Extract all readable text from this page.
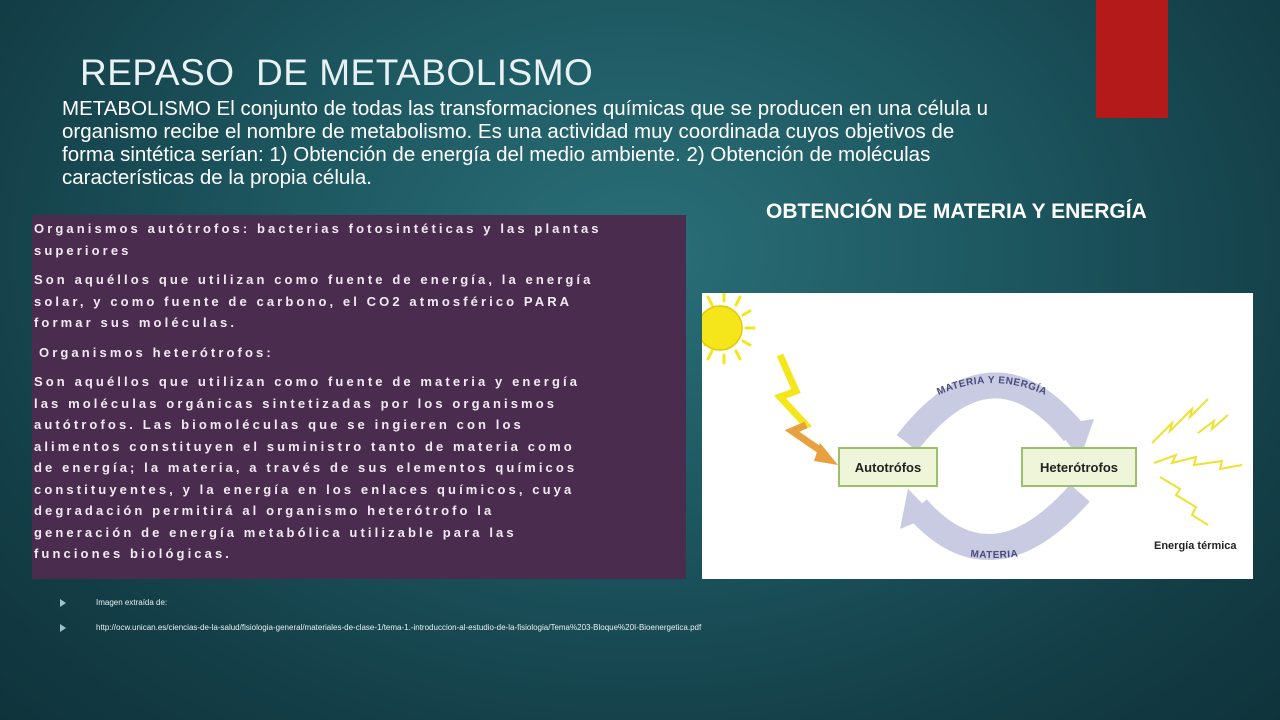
REPASO  DE METABOLISMO

METABOLISMO El conjunto de todas las transformaciones químicas que se producen en una célula u
organismo recibe el nombre de metabolismo. Es una actividad muy coordinada cuyos objetivos de
forma sintética serían: 1) Obtención de energía del medio ambiente. 2) Obtención de moléculas
características de la propia célula.

OBTENCIÓN DE MATERIA Y ENERGÍA

Organismos autótrofos: bacterias fotosintéticas y las plantas
superiores

Son aquéllos que utilizan como fuente de energía, la energía
solar, y como fuente de carbono, el CO2 atmosférico PARA
formar sus moléculas.

Organismos heterótrofos:

Son aquéllos que utilizan como fuente de materia y energía
las moléculas orgánicas sintetizadas por los organismos
autótrofos. Las biomoléculas que se ingieren con los
alimentos constituyen el suministro tanto de materia como
de energía; la materia, a través de sus elementos químicos
constituyentes, y la energía en los enlaces químicos, cuya
degradación permitirá al organismo heterótrofo la
generación de energía metabólica utilizable para las
funciones biológicas.

MATERIA Y ENERGÍA
MATERIA
Autotrófos	Heterótrofos
Energía térmica
Imagen extraída de:
http://ocw.unican.es/ciencias-de-la-salud/fisiologia-general/materiales-de-clase-1/tema-1.-introduccion-al-estudio-de-la-fisiologia/Tema%203-Bloque%20I-Bioenergetica.pdf
